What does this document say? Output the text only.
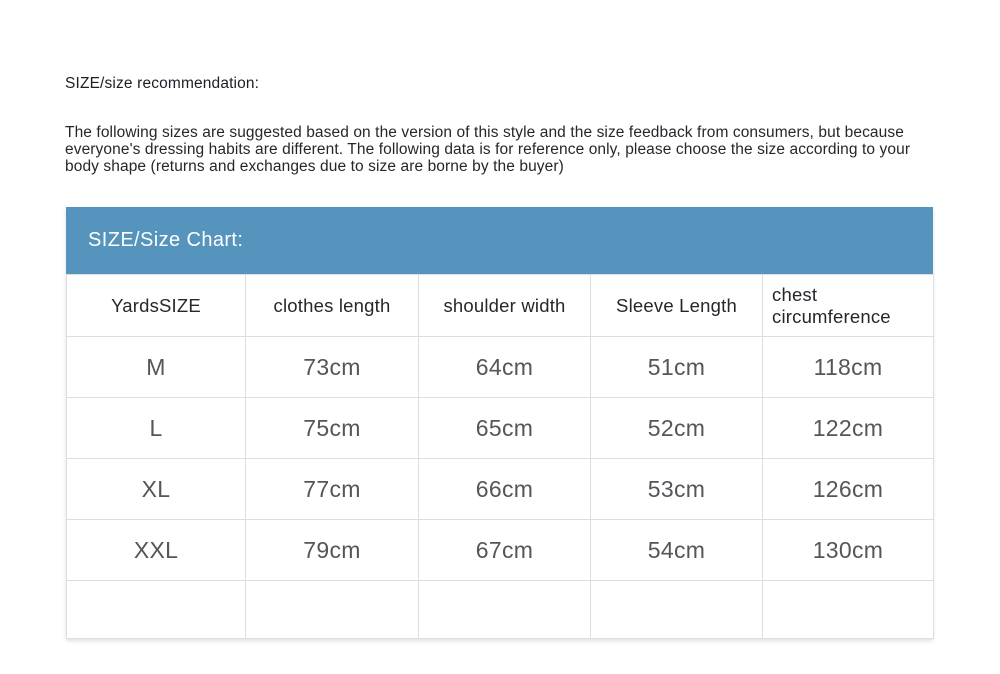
SIZE/size recommendation:

The following sizes are suggested based on the version of this style and the size feedback from consumers, but because everyone's dressing habits are different. The following data is for reference only, please choose the size according to your body shape (returns and exchanges due to size are borne by the buyer)

SIZE/Size Chart:
YardsSIZE	clothes length	shoulder width	Sleeve Length	chest circumference
M	73cm	64cm	51cm	118cm
L	75cm	65cm	52cm	122cm
XL	77cm	66cm	53cm	126cm
XXL	79cm	67cm	54cm	130cm
